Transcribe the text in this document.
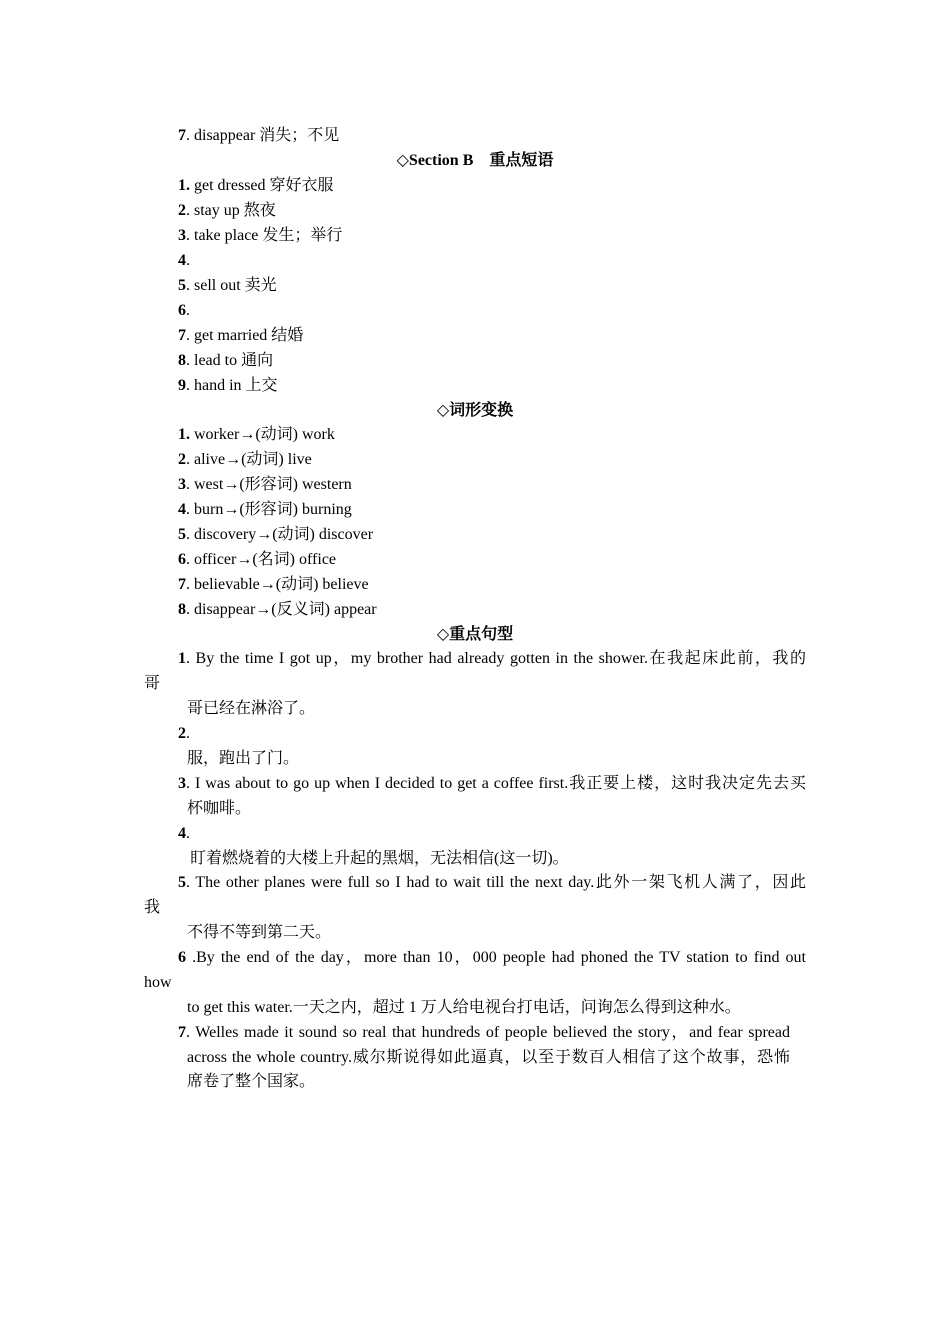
7. disappear 消失；不见
◇Section B　重点短语
1. get dressed 穿好衣服
2. stay up 熬夜
3. take place 发生；举行
4.
5. sell out 卖光
6.
7. get married 结婚
8. lead to 通向
9. hand in 上交
◇词形变换
1. worker→(动词) work
2. alive→(动词) live
3. west→(形容词) western
4. burn→(形容词) burning
5. discovery→(动词) discover
6. officer→(名词) office
7. believable→(动词) believe
8. disappear→(反义词) appear
◇重点句型
1. By the time I got up，my brother had already gotten in the shower.在我起床此前，我的
哥
哥已经在淋浴了。
2.
服，跑出了门。
3. I was about to go up when I decided to get a coffee first.我正要上楼，这时我决定先去买
杯咖啡。
4.
盯着燃烧着的大楼上升起的黑烟，无法相信(这一切)。
5. The other planes were full so I had to wait till the next day.此外一架飞机人满了，因此
我
不得不等到第二天。
6 .By the end of the day，more than 10，000 people had phoned the TV station to find out
how
to get this water.一天之内，超过 1 万人给电视台打电话，问询怎么得到这种水。
7. Welles made it sound so real that hundreds of people believed the story，and fear spread
across the whole country.威尔斯说得如此逼真，以至于数百人相信了这个故事，恐怖
席卷了整个国家。
